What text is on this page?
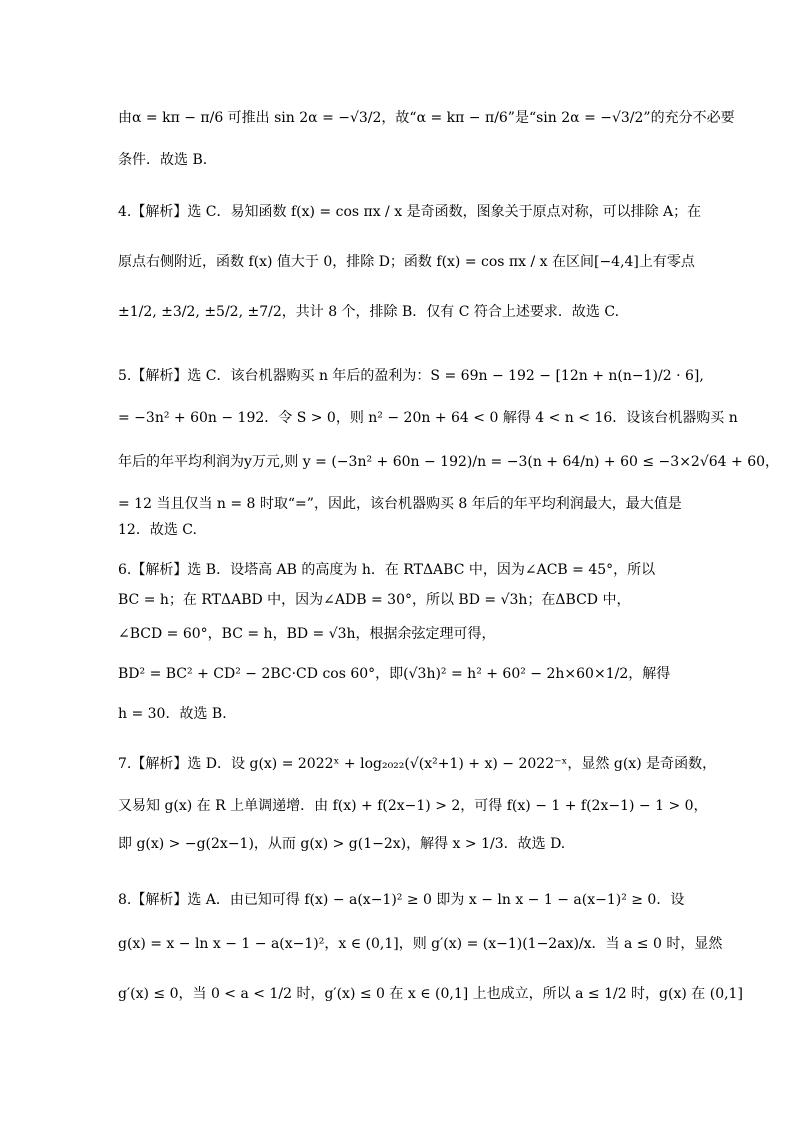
由α = kπ − π/6 可推出 sin 2α = −√3/2，故“α = kπ − π/6”是“sin 2α = −√3/2”的充分不必要
条件．故选 B.
4.【解析】选 C．易知函数 f(x) = cos πx / x 是奇函数，图象关于原点对称，可以排除 A；在
原点右侧附近，函数 f(x) 值大于 0，排除 D；函数 f(x) = cos πx / x 在区间[−4,4]上有零点
±1/2, ±3/2, ±5/2, ±7/2，共计 8 个，排除 B．仅有 C 符合上述要求．故选 C.
5.【解析】选 C．该台机器购买 n 年后的盈利为：S = 69n − 192 − [12n + n(n−1)/2 · 6],
= −3n² + 60n − 192．令 S > 0，则 n² − 20n + 64 < 0 解得 4 < n < 16．设该台机器购买 n
年后的年平均利润为y万元,则 y = (−3n² + 60n − 192)/n = −3(n + 64/n) + 60 ≤ −3×2√64 + 60，
= 12 当且仅当 n = 8 时取“=”，因此，该台机器购买 8 年后的年平均利润最大，最大值是
12．故选 C.
6.【解析】选 B．设塔高 AB 的高度为 h．在 RTΔABC 中，因为∠ACB = 45°，所以
BC = h；在 RTΔABD 中，因为∠ADB = 30°，所以 BD = √3h；在ΔBCD 中，
∠BCD = 60°，BC = h，BD = √3h，根据余弦定理可得，
BD² = BC² + CD² − 2BC·CD cos 60°，即(√3h)² = h² + 60² − 2h×60×1/2，解得
h = 30．故选 B.
7.【解析】选 D．设 g(x) = 2022ˣ + log₂₀₂₂(√(x²+1) + x) − 2022⁻ˣ，显然 g(x) 是奇函数，
又易知 g(x) 在 R 上单调递增．由 f(x) + f(2x−1) > 2，可得 f(x) − 1 + f(2x−1) − 1 > 0，
即 g(x) > −g(2x−1)，从而 g(x) > g(1−2x)，解得 x > 1/3．故选 D.
8.【解析】选 A．由已知可得 f(x) − a(x−1)² ≥ 0 即为 x − ln x − 1 − a(x−1)² ≥ 0．设
g(x) = x − ln x − 1 − a(x−1)²，x ∈ (0,1]，则 g′(x) = (x−1)(1−2ax)/x．当 a ≤ 0 时，显然
g′(x) ≤ 0，当 0 < a < 1/2 时，g′(x) ≤ 0 在 x ∈ (0,1] 上也成立，所以 a ≤ 1/2 时，g(x) 在 (0,1]
